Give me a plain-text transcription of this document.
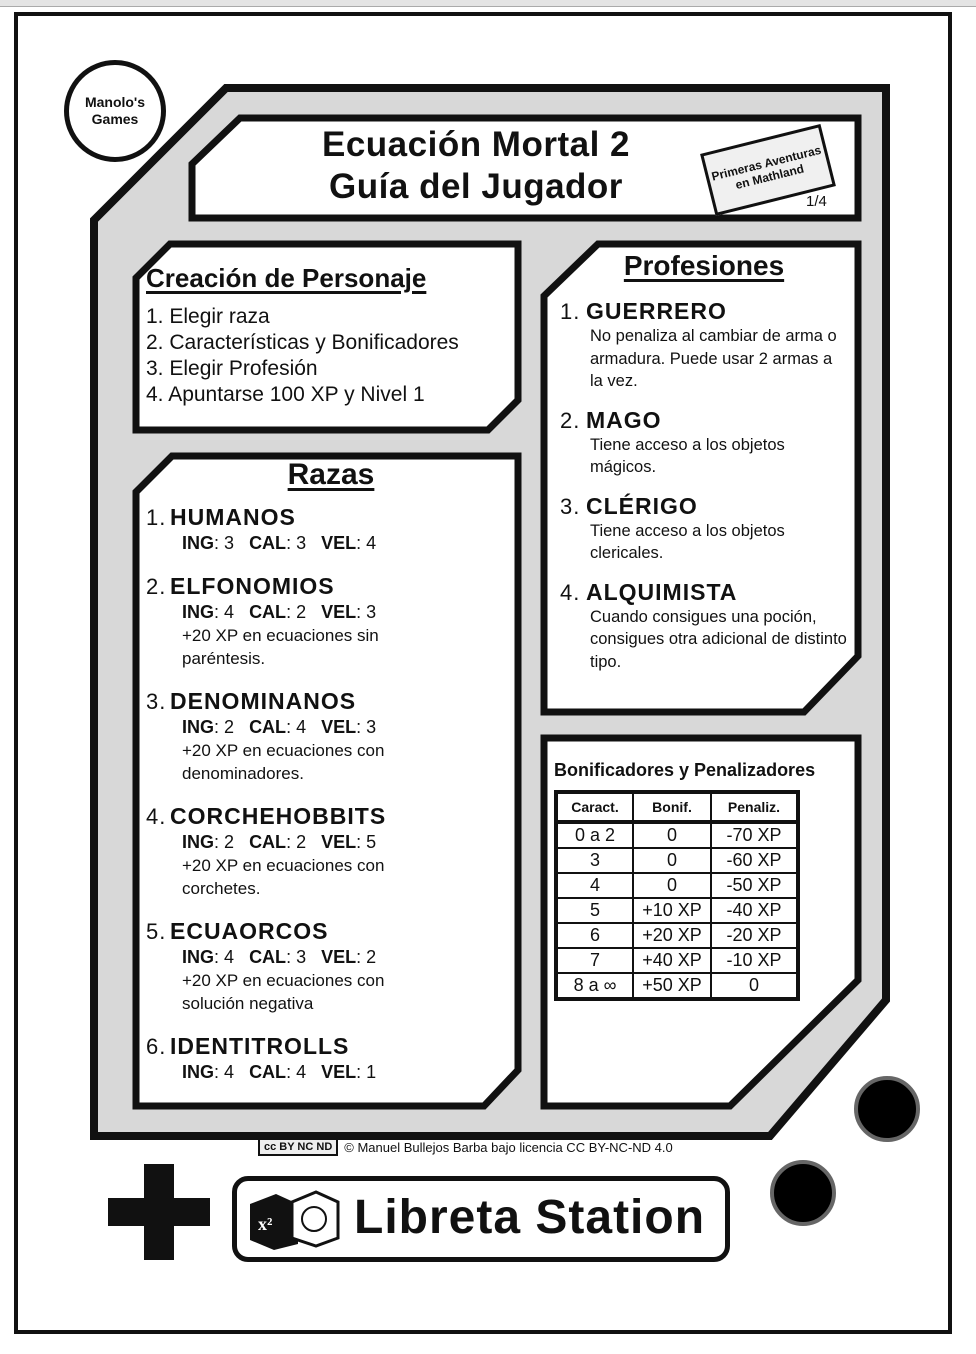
Manolo's Games
Ecuación Mortal 2
Guía del Jugador
Primeras Aventuras en Mathland
1/4
Creación de Personaje
1. Elegir raza
2. Características y Bonificadores
3. Elegir Profesión
4. Apuntarse 100 XP y Nivel 1
Razas
1. HUMANOS
ING: 3 CAL: 3 VEL: 4
2. ELFONOMIOS
ING: 4 CAL: 2 VEL: 3
+20 XP en ecuaciones sin paréntesis.
3. DENOMINANOS
ING: 2 CAL: 4 VEL: 3
+20 XP en ecuaciones con denominadores.
4. CORCHEHOBBITS
ING: 2 CAL: 2 VEL: 5
+20 XP en ecuaciones con corchetes.
5. ECUAORCOS
ING: 4 CAL: 3 VEL: 2
+20 XP en ecuaciones con solución negativa
6. IDENTITROLLS
ING: 4 CAL: 4 VEL: 1
Profesiones
1. GUERRERO
No penaliza al cambiar de arma o armadura. Puede usar 2 armas a la vez.
2. MAGO
Tiene acceso a los objetos mágicos.
3. CLÉRIGO
Tiene acceso a los objetos clericales.
4. ALQUIMISTA
Cuando consigues una poción, consigues otra adicional de distinto tipo.
Bonificadores y Penalizadores
Caract.	Bonif.	Penaliz.
0 a 2	0	-70 XP
3	0	-60 XP
4	0	-50 XP
5	+10 XP	-40 XP
6	+20 XP	-20 XP
7	+40 XP	-10 XP
8 a ∞	+50 XP	0
cc BY NC ND © Manuel Bullejos Barba bajo licencia CC BY-NC-ND 4.0
x² Libreta Station
